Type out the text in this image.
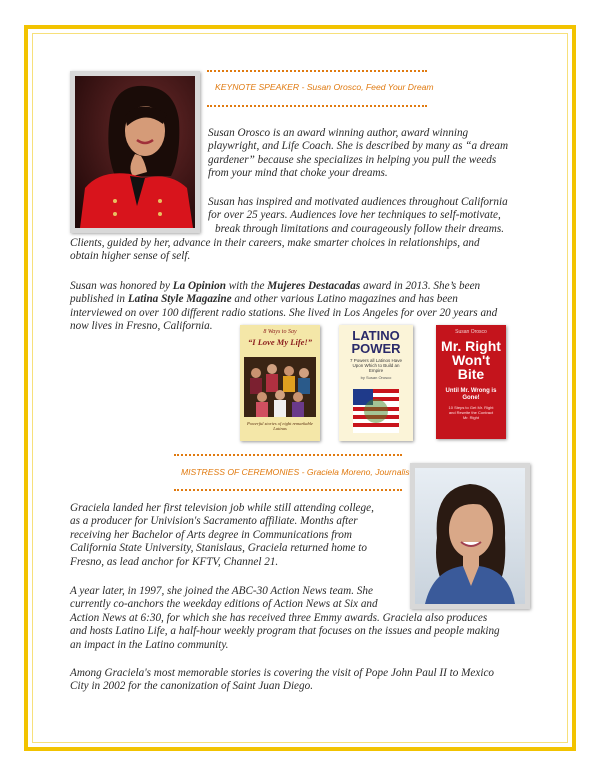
KEYNOTE SPEAKER - Susan Orosco, Feed Your Dream
Susan Orosco is an award winning author, award winning
playwright, and Life Coach. She is described by many as “a dream
gardener” because she specializes in helping you pull the weeds
from your mind that choke your dreams.
Susan has inspired and motivated audiences throughout California
for over 25 years. Audiences love her techniques to self-motivate,
break through limitations and courageously follow their dreams.
Clients, guided by her, advance in their careers, make smarter choices in relationships, and
obtain higher sense of self.
Susan was honored by La Opinion with the Mujeres Destacadas award in 2013. She’s been
published in Latina Style Magazine and other various Latino magazines and has been
interviewed on over 100 different radio stations. She lived in Los Angeles for over 20 years and
now lives in Fresno, California.	8 Ways to Say
“I Love My Life!”
Powerful stories of eight remarkable Latinas
LATINO POWER
7 Powers all Latinos Have Upon Which to Build an Empire
by Susan Orosco
Susan Orosco
Mr. Right Won't Bite
Until Mr. Wrong is Gone!
10 Steps to Get Mr. Right and Rewrite the Contract Mr. Right
MISTRESS OF CEREMONIES - Graciela Moreno, Journalist
Graciela landed her first television job while still attending college,
as a producer for Univision's Sacramento affiliate. Months after
receiving her Bachelor of Arts degree in Communications from
California State University, Stanislaus, Graciela returned home to
Fresno, as lead anchor for KFTV, Channel 21.
A year later, in 1997, she joined the ABC-30 Action News team. She
currently co-anchors the weekday editions of Action News at Six and
Action News at 6:30, for which she has received three Emmy awards. Graciela also produces
and hosts Latino Life, a half-hour weekly program that focuses on the issues and people making
an impact in the Latino community.
Among Graciela's most memorable stories is covering the visit of Pope John Paul II to Mexico
City in 2002 for the canonization of Saint Juan Diego.
